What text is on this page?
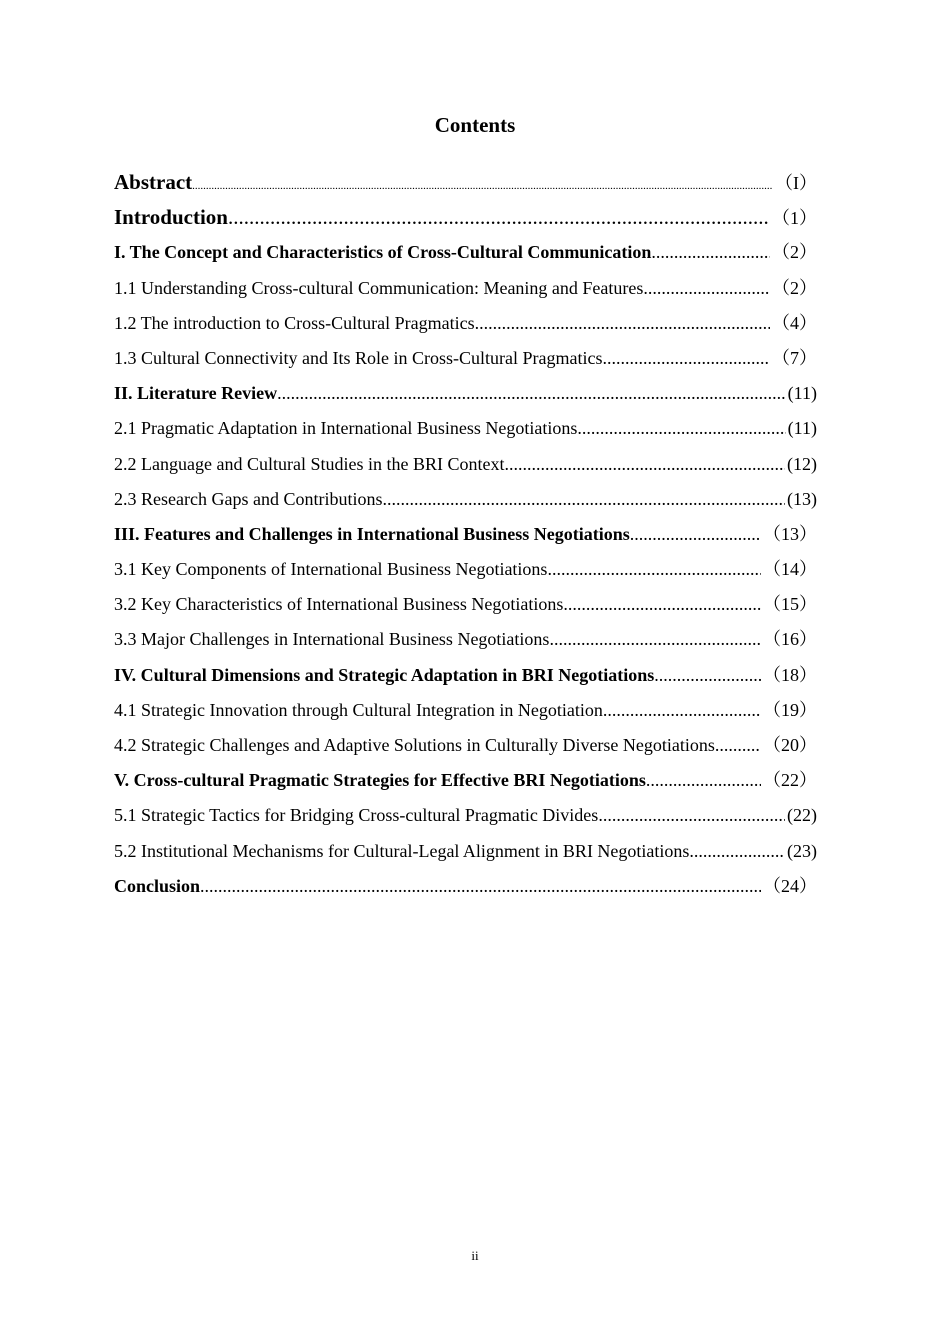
Contents
Abstract .....	（I）
Introduction .....	（1）
I. The Concept and Characteristics of Cross-Cultural Communication .....	（2）
1.1 Understanding Cross-cultural Communication: Meaning and Features .....	（2）
1.2 The introduction to Cross-Cultural Pragmatics .....	（4）
1.3 Cultural Connectivity and Its Role in Cross-Cultural Pragmatics .....	（7）
II. Literature Review .....	(11)
2.1 Pragmatic Adaptation in International Business Negotiations .....	(11)
2.2 Language and Cultural Studies in the BRI Context .....	(12)
2.3 Research Gaps and Contributions .....	(13)
III. Features and Challenges in International Business Negotiations .....	（13）
3.1 Key Components of International Business Negotiations .....	（14）
3.2 Key Characteristics of International Business Negotiations .....	（15）
3.3 Major Challenges in International Business Negotiations .....	（16）
IV. Cultural Dimensions and Strategic Adaptation in BRI Negotiations .....	（18）
4.1 Strategic Innovation through Cultural Integration in Negotiation .....	（19）
4.2 Strategic Challenges and Adaptive Solutions in Culturally Diverse Negotiations .....	（20）
V. Cross-cultural Pragmatic Strategies for Effective BRI Negotiations .....	（22）
5.1 Strategic Tactics for Bridging Cross-cultural Pragmatic Divides .....	(22)
5.2 Institutional Mechanisms for Cultural-Legal Alignment in BRI Negotiations .....	(23)
Conclusion .....	（24）
ii
